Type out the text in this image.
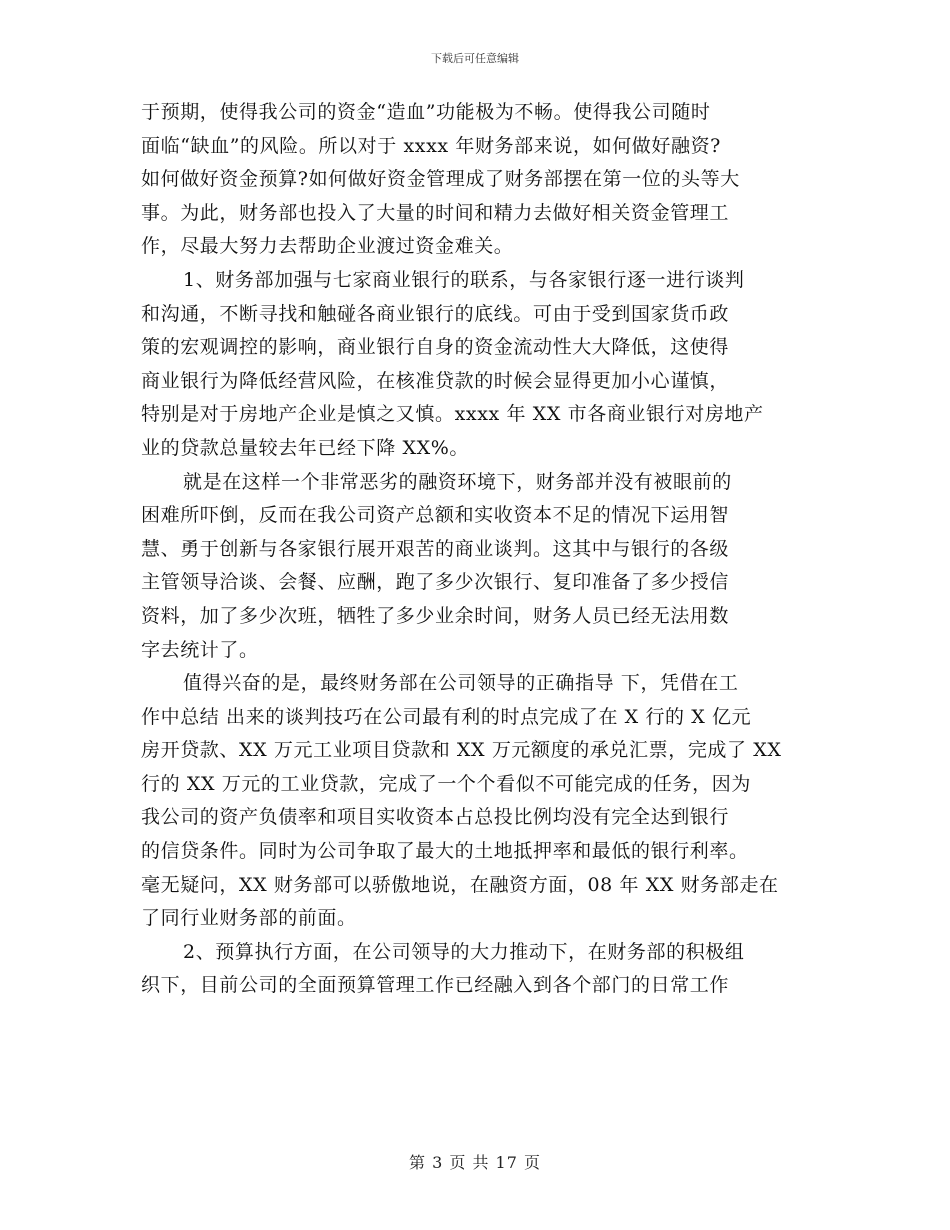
下载后可任意编辑

于预期，使得我公司的资金“造血”功能极为不畅。使得我公司随时
面临“缺血”的风险。所以对于 xxxx 年财务部来说，如何做好融资?
如何做好资金预算?如何做好资金管理成了财务部摆在第一位的头等大
事。为此，财务部也投入了大量的时间和精力去做好相关资金管理工
作，尽最大努力去帮助企业渡过资金难关。

1、财务部加强与七家商业银行的联系，与各家银行逐一进行谈判
和沟通，不断寻找和触碰各商业银行的底线。可由于受到国家货币政
策的宏观调控的影响，商业银行自身的资金流动性大大降低，这使得
商业银行为降低经营风险，在核准贷款的时候会显得更加小心谨慎，
特别是对于房地产企业是慎之又慎。xxxx 年 XX 市各商业银行对房地产
业的贷款总量较去年已经下降 XX%。

就是在这样一个非常恶劣的融资环境下，财务部并没有被眼前的
困难所吓倒，反而在我公司资产总额和实收资本不足的情况下运用智
慧、勇于创新与各家银行展开艰苦的商业谈判。这其中与银行的各级
主管领导洽谈、会餐、应酬，跑了多少次银行、复印准备了多少授信
资料，加了多少次班，牺牲了多少业余时间，财务人员已经无法用数
字去统计了。

值得兴奋的是，最终财务部在公司领导的正确指导 下，凭借在工
作中总结 出来的谈判技巧在公司最有利的时点完成了在 X 行的 X 亿元
房开贷款、XX 万元工业项目贷款和 XX 万元额度的承兑汇票，完成了 XX
行的 XX 万元的工业贷款，完成了一个个看似不可能完成的任务，因为
我公司的资产负债率和项目实收资本占总投比例均没有完全达到银行
的信贷条件。同时为公司争取了最大的土地抵押率和最低的银行利率。
毫无疑问，XX 财务部可以骄傲地说，在融资方面，08 年 XX 财务部走在
了同行业财务部的前面。

2、预算执行方面，在公司领导的大力推动下，在财务部的积极组
织下，目前公司的全面预算管理工作已经融入到各个部门的日常工作

第 3 页 共 17 页
